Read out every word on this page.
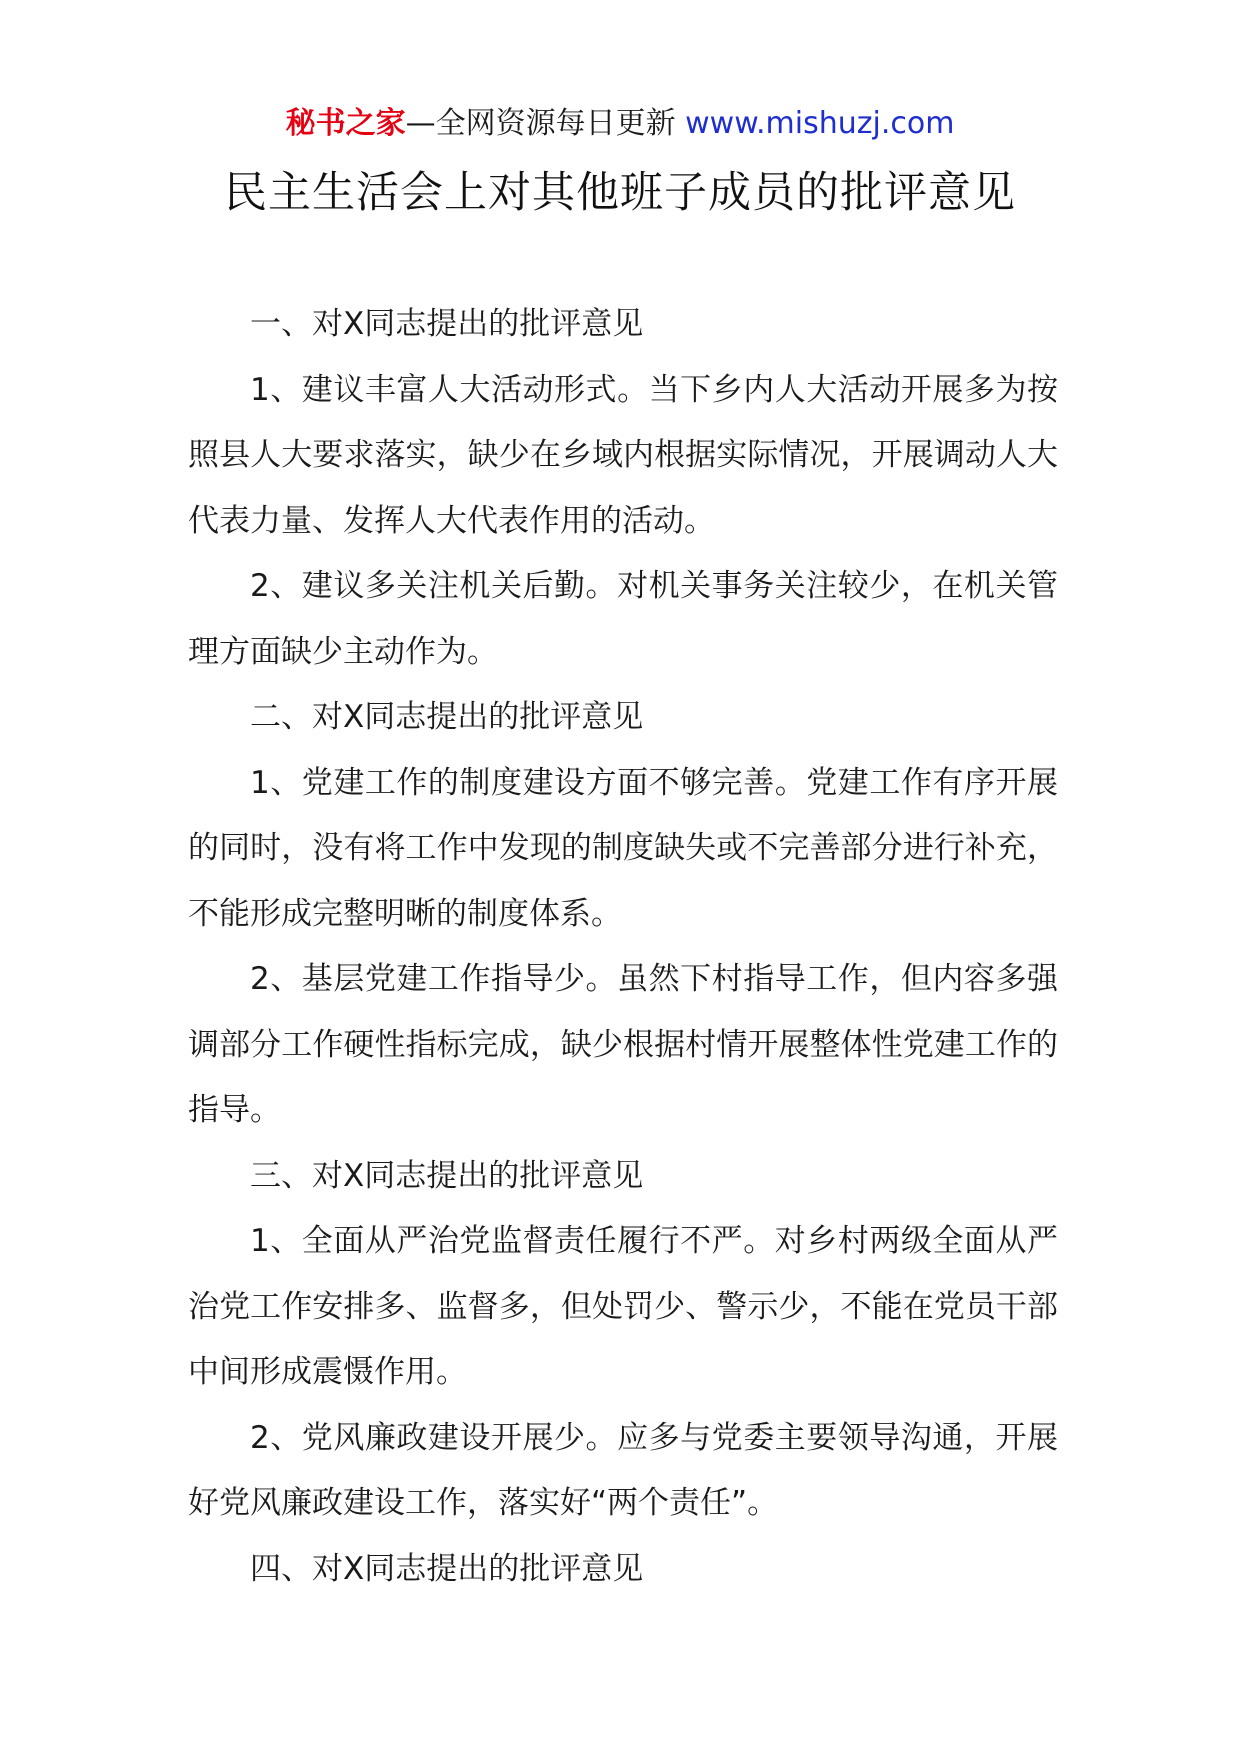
秘书之家—全网资源每日更新 www.mishuzj.com
民主生活会上对其他班子成员的批评意见

一、对X同志提出的批评意见

1、建议丰富人大活动形式。当下乡内人大活动开展多为按照县人大要求落实，缺少在乡域内根据实际情况，开展调动人大代表力量、发挥人大代表作用的活动。

2、建议多关注机关后勤。对机关事务关注较少，在机关管理方面缺少主动作为。

二、对X同志提出的批评意见

1、党建工作的制度建设方面不够完善。党建工作有序开展的同时，没有将工作中发现的制度缺失或不完善部分进行补充，不能形成完整明晰的制度体系。

2、基层党建工作指导少。虽然下村指导工作，但内容多强调部分工作硬性指标完成，缺少根据村情开展整体性党建工作的指导。

三、对X同志提出的批评意见

1、全面从严治党监督责任履行不严。对乡村两级全面从严治党工作安排多、监督多，但处罚少、警示少，不能在党员干部中间形成震慑作用。

2、党风廉政建设开展少。应多与党委主要领导沟通，开展好党风廉政建设工作，落实好“两个责任”。

四、对X同志提出的批评意见
